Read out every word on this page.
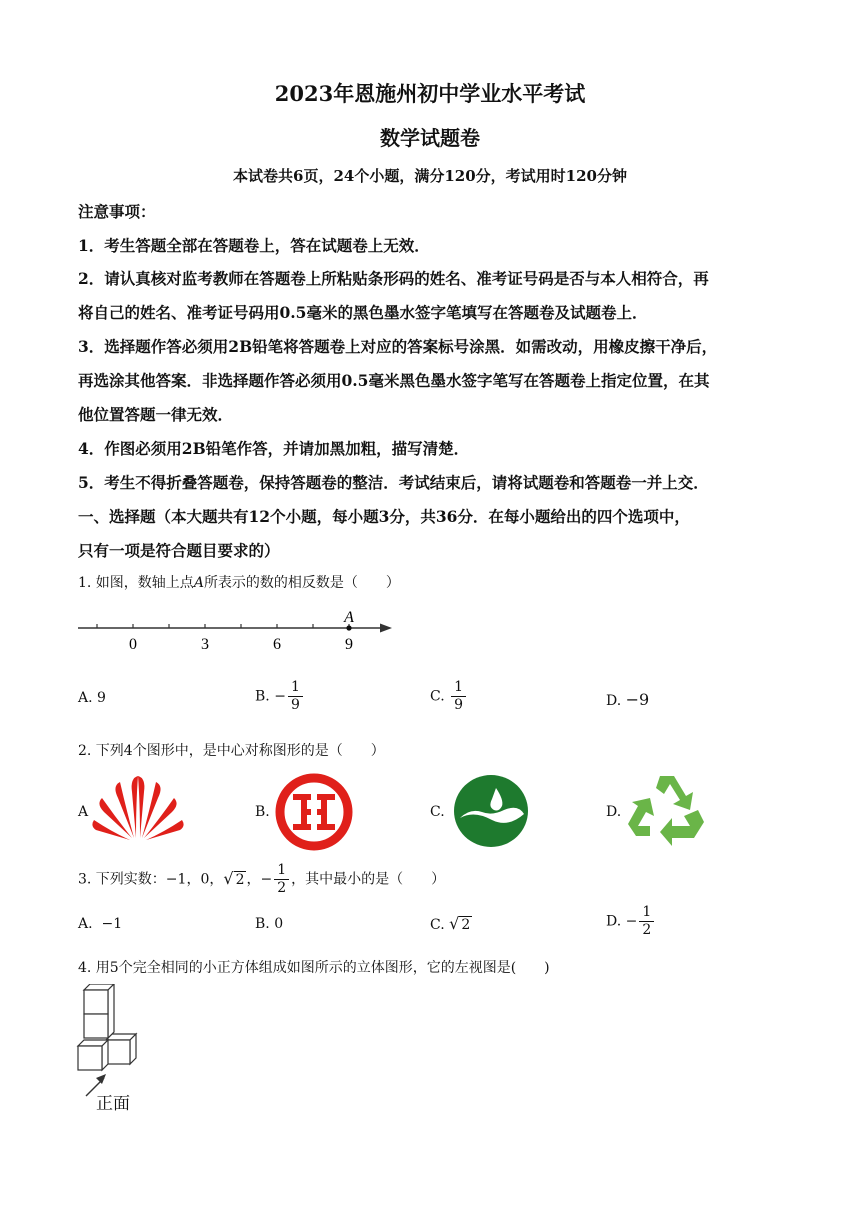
2023年恩施州初中学业水平考试
数学试题卷
本试卷共6页，24个小题，满分120分，考试用时120分钟
注意事项：
1．考生答题全部在答题卷上，答在试题卷上无效．
2．请认真核对监考教师在答题卷上所粘贴条形码的姓名、准考证号码是否与本人相符合，再
将自己的姓名、准考证号码用0.5毫米的黑色墨水签字笔填写在答题卷及试题卷上．
3．选择题作答必须用2B铅笔将答题卷上对应的答案标号涂黑．如需改动，用橡皮擦干净后，
再选涂其他答案．非选择题作答必须用0.5毫米黑色墨水签字笔写在答题卷上指定位置，在其
他位置答题一律无效．
4．作图必须用2B铅笔作答，并请加黑加粗，描写清楚．
5．考生不得折叠答题卷，保持答题卷的整洁．考试结束后，请将试题卷和答题卷一并上交．
一、选择题（本大题共有12个小题，每小题3分，共36分．在每小题给出的四个选项中，
只有一项是符合题目要求的）
1. 如图，数轴上点A所表示的数的相反数是（　　）
A
0	3	6	9
A. 9	B. − $\frac{1}{9}$	C. $\frac{1}{9}$	D. −9
2. 下列4个图形中，是中心对称图形的是（　　）
A	B.	C.	D.
3. 下列实数：−1，0，√ 2 ，− $\frac{1}{2}$ ，其中最小的是（　　）
A. −1	B. 0	C. √ 2	D. − $\frac{1}{2}$
4. 用5个完全相同的小正方体组成如图所示的立体图形，它的左视图是(　　)
正面
